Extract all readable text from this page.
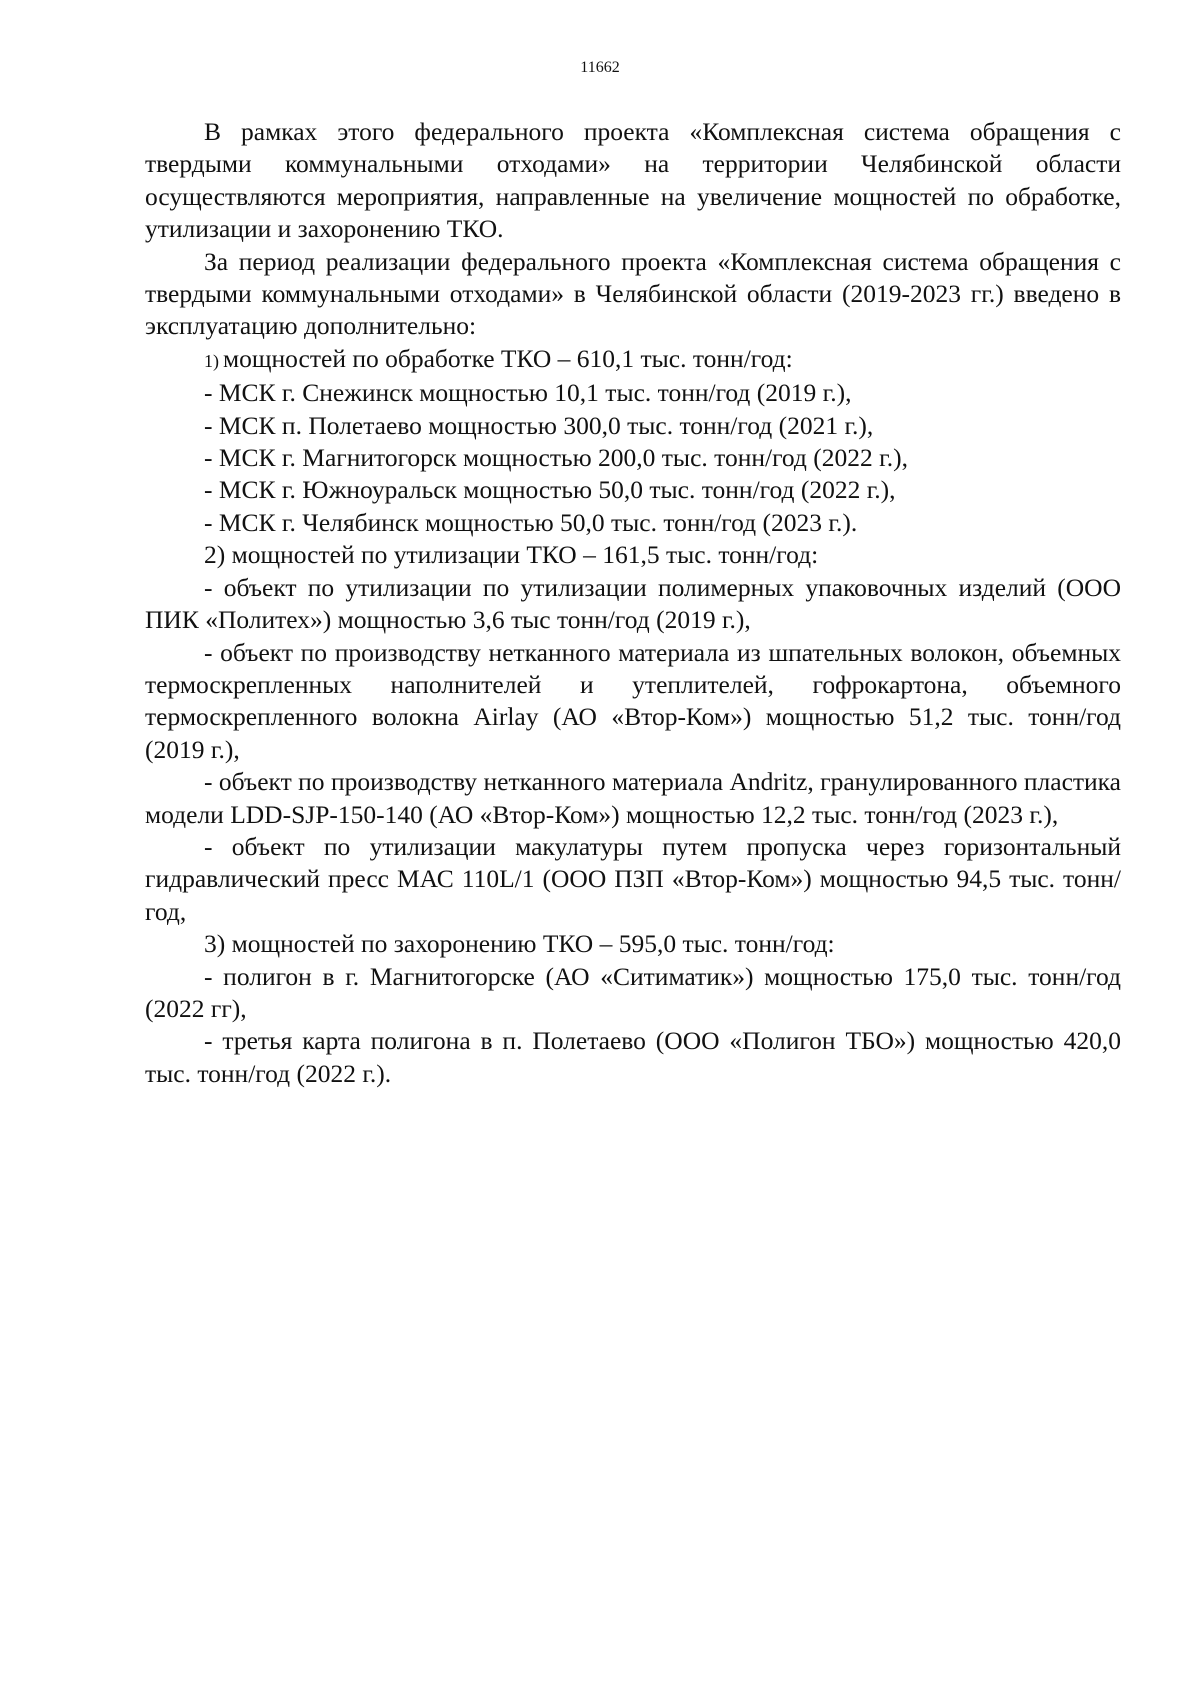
11662

В рамках этого федерального проекта «Комплексная система обращения с твердыми коммунальными отходами» на территории Челябинской области осуществляются мероприятия, направленные на увеличение мощностей по обработке, утилизации и захоронению ТКО.

За период реализации федерального проекта «Комплексная система обращения с твердыми коммунальными отходами» в Челябинской области (2019-2023 гг.) введено в эксплуатацию дополнительно:

1) мощностей по обработке ТКО – 610,1 тыс. тонн/год:

- МСК г. Снежинск мощностью 10,1 тыс. тонн/год (2019 г.),

- МСК п. Полетаево мощностью 300,0 тыс. тонн/год (2021 г.),

- МСК г. Магнитогорск мощностью 200,0 тыс. тонн/год (2022 г.),

- МСК г. Южноуральск мощностью 50,0 тыс. тонн/год (2022 г.),

- МСК г. Челябинск мощностью 50,0 тыс. тонн/год (2023 г.).

2) мощностей по утилизации ТКО – 161,5 тыс. тонн/год:

- объект по утилизации по утилизации полимерных упаковочных изделий (ООО ПИК «Политех») мощностью 3,6 тыс тонн/год (2019 г.),

- объект по производству нетканного материала из шпательных волокон, объемных термоскрепленных наполнителей и утеплителей, гофрокартона, объемного термоскрепленного волокна Airlay (АО «Втор-Ком») мощностью 51,2 тыс. тонн/год (2019 г.),

- объект по производству нетканного материала Andritz, гранулированного пластика модели LDD-SJP-150-140 (АО «Втор-Ком») мощностью 12,2 тыс. тонн/год (2023 г.),

- объект по утилизации макулатуры путем пропуска через горизонтальный гидравлический пресс МАС 110L/1 (ООО ПЗП «Втор-Ком») мощностью 94,5 тыс. тонн/год,

3) мощностей по захоронению ТКО – 595,0 тыс. тонн/год:

- полигон в г. Магнитогорске (АО «Ситиматик») мощностью 175,0 тыс. тонн/год (2022 гг),

- третья карта полигона в п. Полетаево (ООО «Полигон ТБО») мощностью 420,0 тыс. тонн/год (2022 г.).
